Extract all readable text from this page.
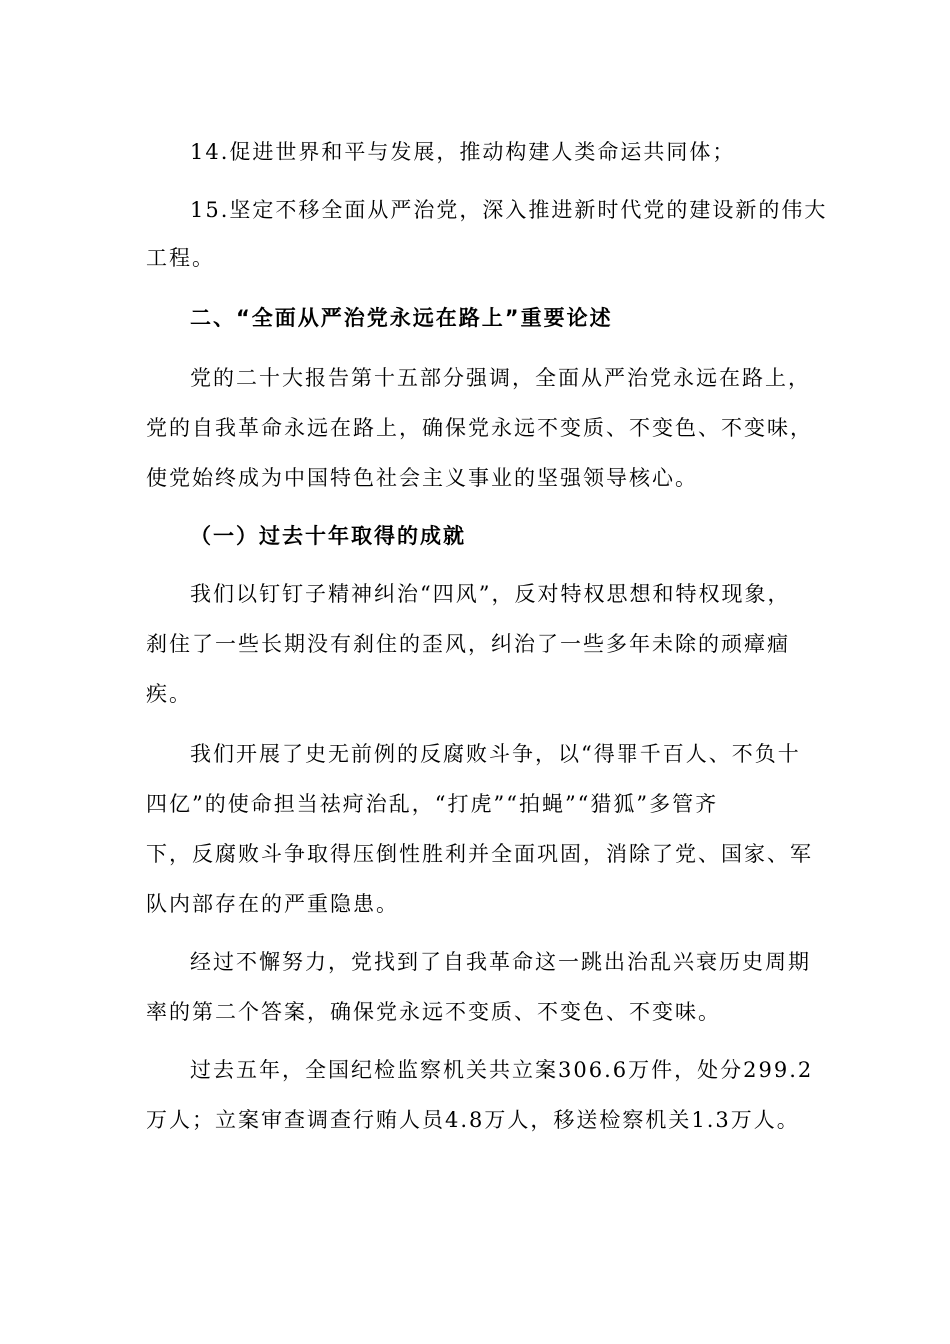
14.促进世界和平与发展，推动构建人类命运共同体；

15.坚定不移全面从严治党，深入推进新时代党的建设新的伟大

工程。

二、“全面从严治党永远在路上”重要论述

党的二十大报告第十五部分强调，全面从严治党永远在路上，

党的自我革命永远在路上，确保党永远不变质、不变色、不变味，

使党始终成为中国特色社会主义事业的坚强领导核心。

（一）过去十年取得的成就

我们以钉钉子精神纠治“四风”，反对特权思想和特权现象，

刹住了一些长期没有刹住的歪风，纠治了一些多年未除的顽瘴痼

疾。

我们开展了史无前例的反腐败斗争，以“得罪千百人、不负十

四亿”的使命担当祛疴治乱，“打虎”“拍蝇”“猎狐”多管齐

下，反腐败斗争取得压倒性胜利并全面巩固，消除了党、国家、军

队内部存在的严重隐患。

经过不懈努力，党找到了自我革命这一跳出治乱兴衰历史周期

率的第二个答案，确保党永远不变质、不变色、不变味。

过去五年，全国纪检监察机关共立案306.6万件，处分299.2

万人；立案审查调查行贿人员4.8万人，移送检察机关1.3万人。
